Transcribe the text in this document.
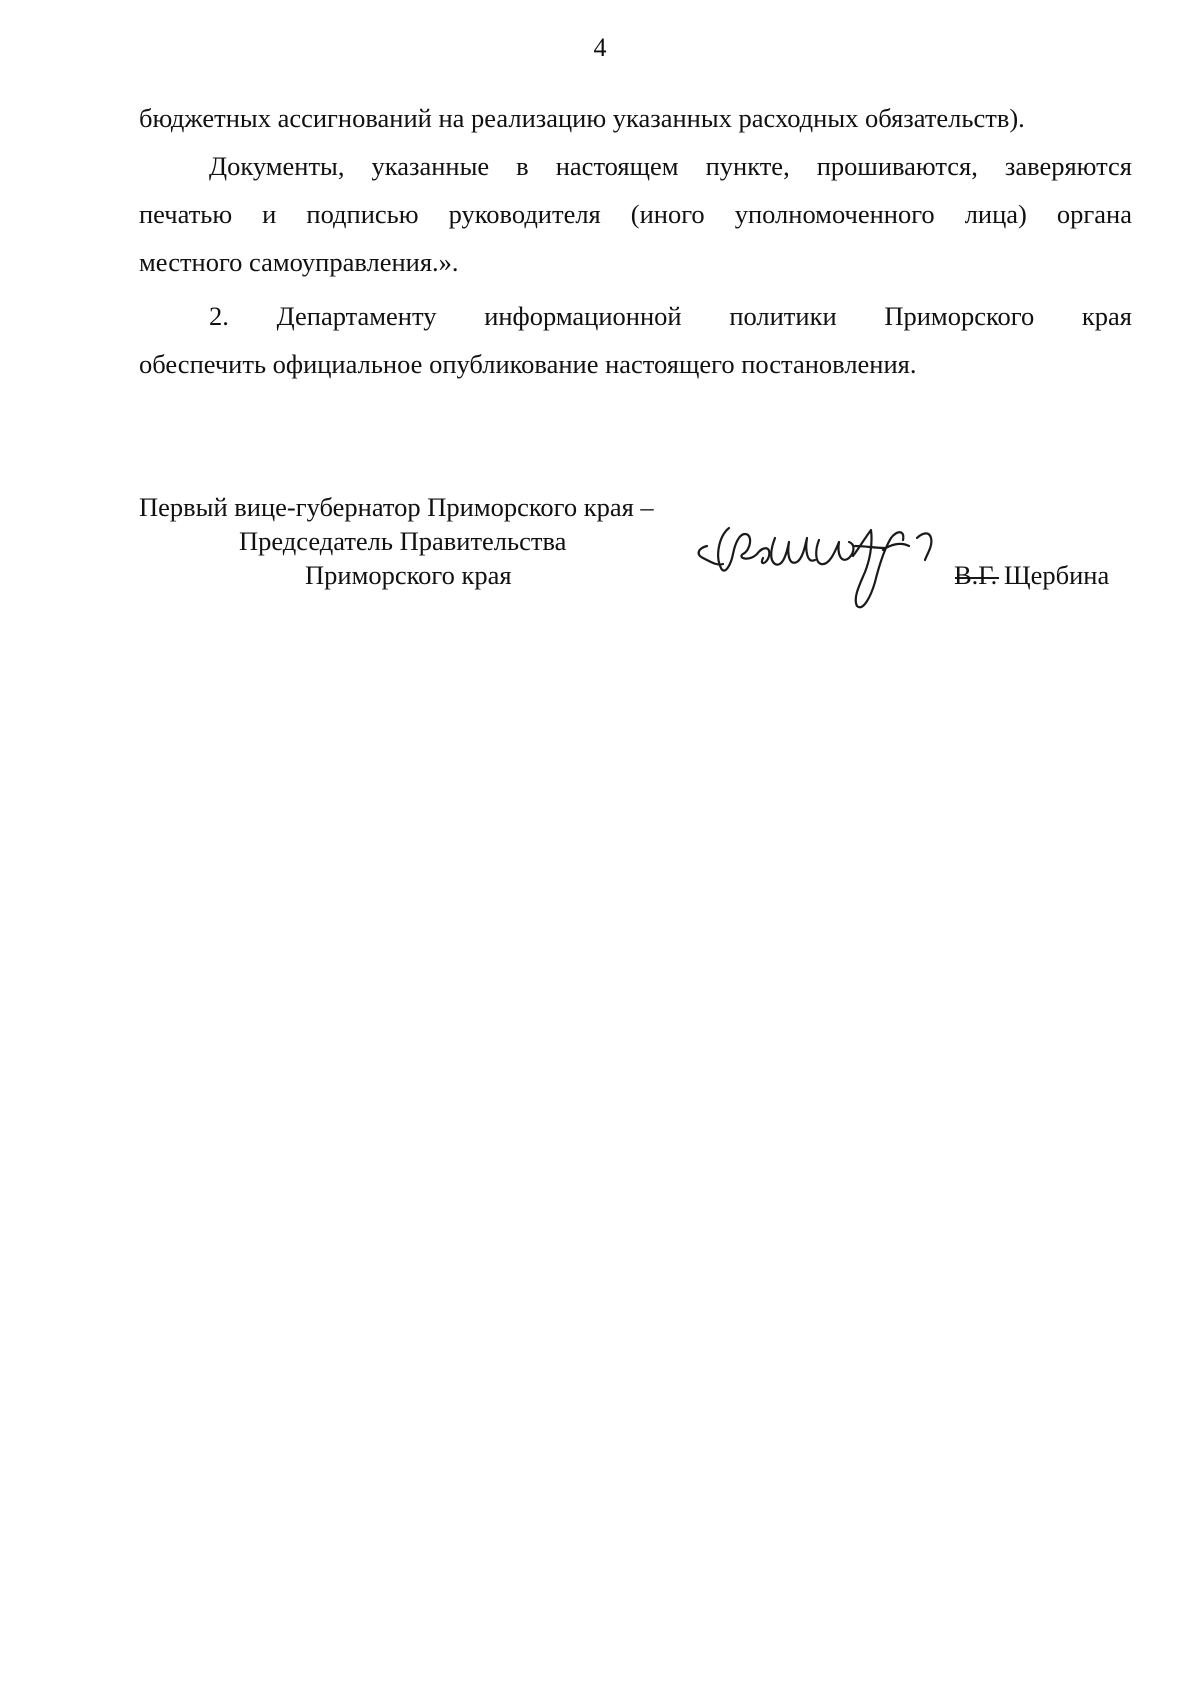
4
бюджетных ассигнований на реализацию указанных расходных обязательств).
Документы, указанные в настоящем пункте, прошиваются, заверяются
печатью и подписью руководителя (иного уполномоченного лица) органа
местного самоуправления.».
2. Департаменту информационной политики Приморского края
обеспечить официальное опубликование настоящего постановления.
Первый вице-губернатор Приморского края –
Председатель Правительства
Приморского края	В.Г. Щербина
